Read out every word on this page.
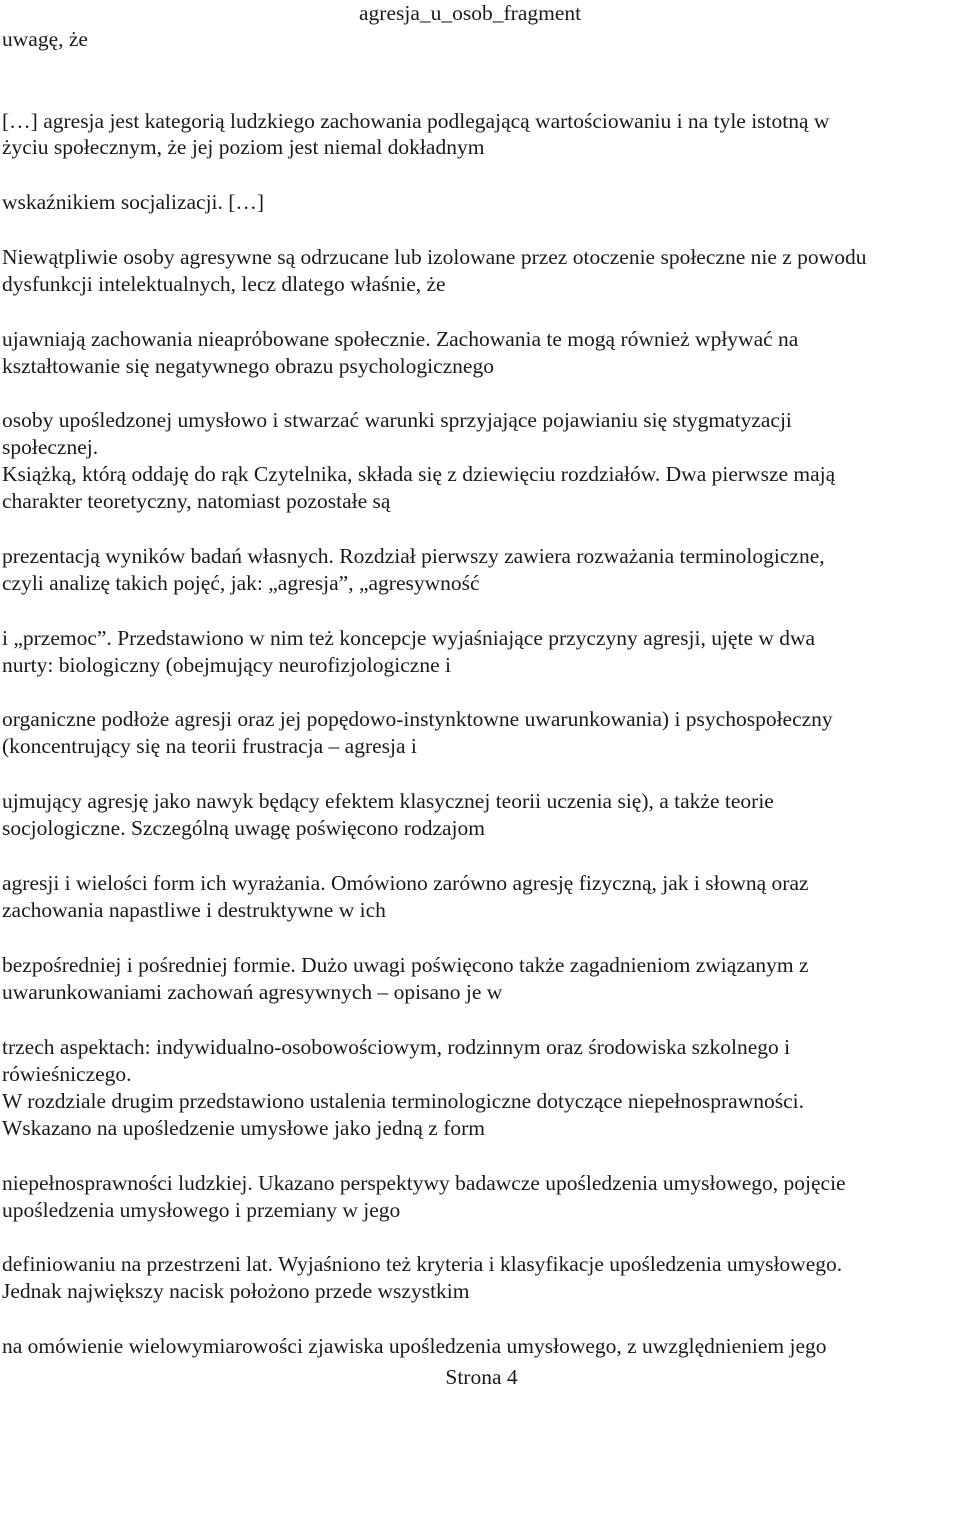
agresja_u_osob_fragment

uwagę, że

[…] agresja jest kategorią ludzkiego zachowania podlegającą wartościowaniu i na tyle istotną w

życiu społecznym, że jej poziom jest niemal dokładnym

wskaźnikiem socjalizacji. […]

Niewątpliwie osoby agresywne są odrzucane lub izolowane przez otoczenie społeczne nie z powodu

dysfunkcji intelektualnych, lecz dlatego właśnie, że

ujawniają zachowania nieaprόbowane społecznie. Zachowania te mogą również wpływać na

kształtowanie się negatywnego obrazu psychologicznego

osoby upośledzonej umysłowo i stwarzać warunki sprzyjające pojawianiu się stygmatyzacji

społecznej.

Książką, którą oddaję do rąk Czytelnika, składa się z dziewięciu rozdziałów. Dwa pierwsze mają

charakter teoretyczny, natomiast pozostałe są

prezentacją wyników badań własnych. Rozdział pierwszy zawiera rozważania terminologiczne,

czyli analizę takich pojęć, jak: „agresja”, „agresywność

i „przemoc”. Przedstawiono w nim też koncepcje wyjaśniające przyczyny agresji, ujęte w dwa

nurty: biologiczny (obejmujący neurofizjologiczne i

organiczne podłoże agresji oraz jej popędowo-instynktowne uwarunkowania) i psychospołeczny

(koncentrujący się na teorii frustracja – agresja i

ujmujący agresję jako nawyk będący efektem klasycznej teorii uczenia się), a także teorie

socjologiczne. Szczególną uwagę poświęcono rodzajom

agresji i wielości form ich wyrażania. Omówiono zarówno agresję fizyczną, jak i słowną oraz

zachowania napastliwe i destruktywne w ich

bezpośredniej i pośredniej formie. Dużo uwagi poświęcono także zagadnieniom związanym z

uwarunkowaniami zachowań agresywnych – opisano je w

trzech aspektach: indywidualno-osobowościowym, rodzinnym oraz środowiska szkolnego i

rówieśniczego.

W rozdziale drugim przedstawiono ustalenia terminologiczne dotyczące niepełnosprawności.

Wskazano na upośledzenie umysłowe jako jedną z form

niepełnosprawności ludzkiej. Ukazano perspektywy badawcze upośledzenia umysłowego, pojęcie

upośledzenia umysłowego i przemiany w jego

definiowaniu na przestrzeni lat. Wyjaśniono też kryteria i klasyfikacje upośledzenia umysłowego.

Jednak największy nacisk położono przede wszystkim

na omówienie wielowymiarowości zjawiska upośledzenia umysłowego, z uwzględnieniem jego

Strona 4
